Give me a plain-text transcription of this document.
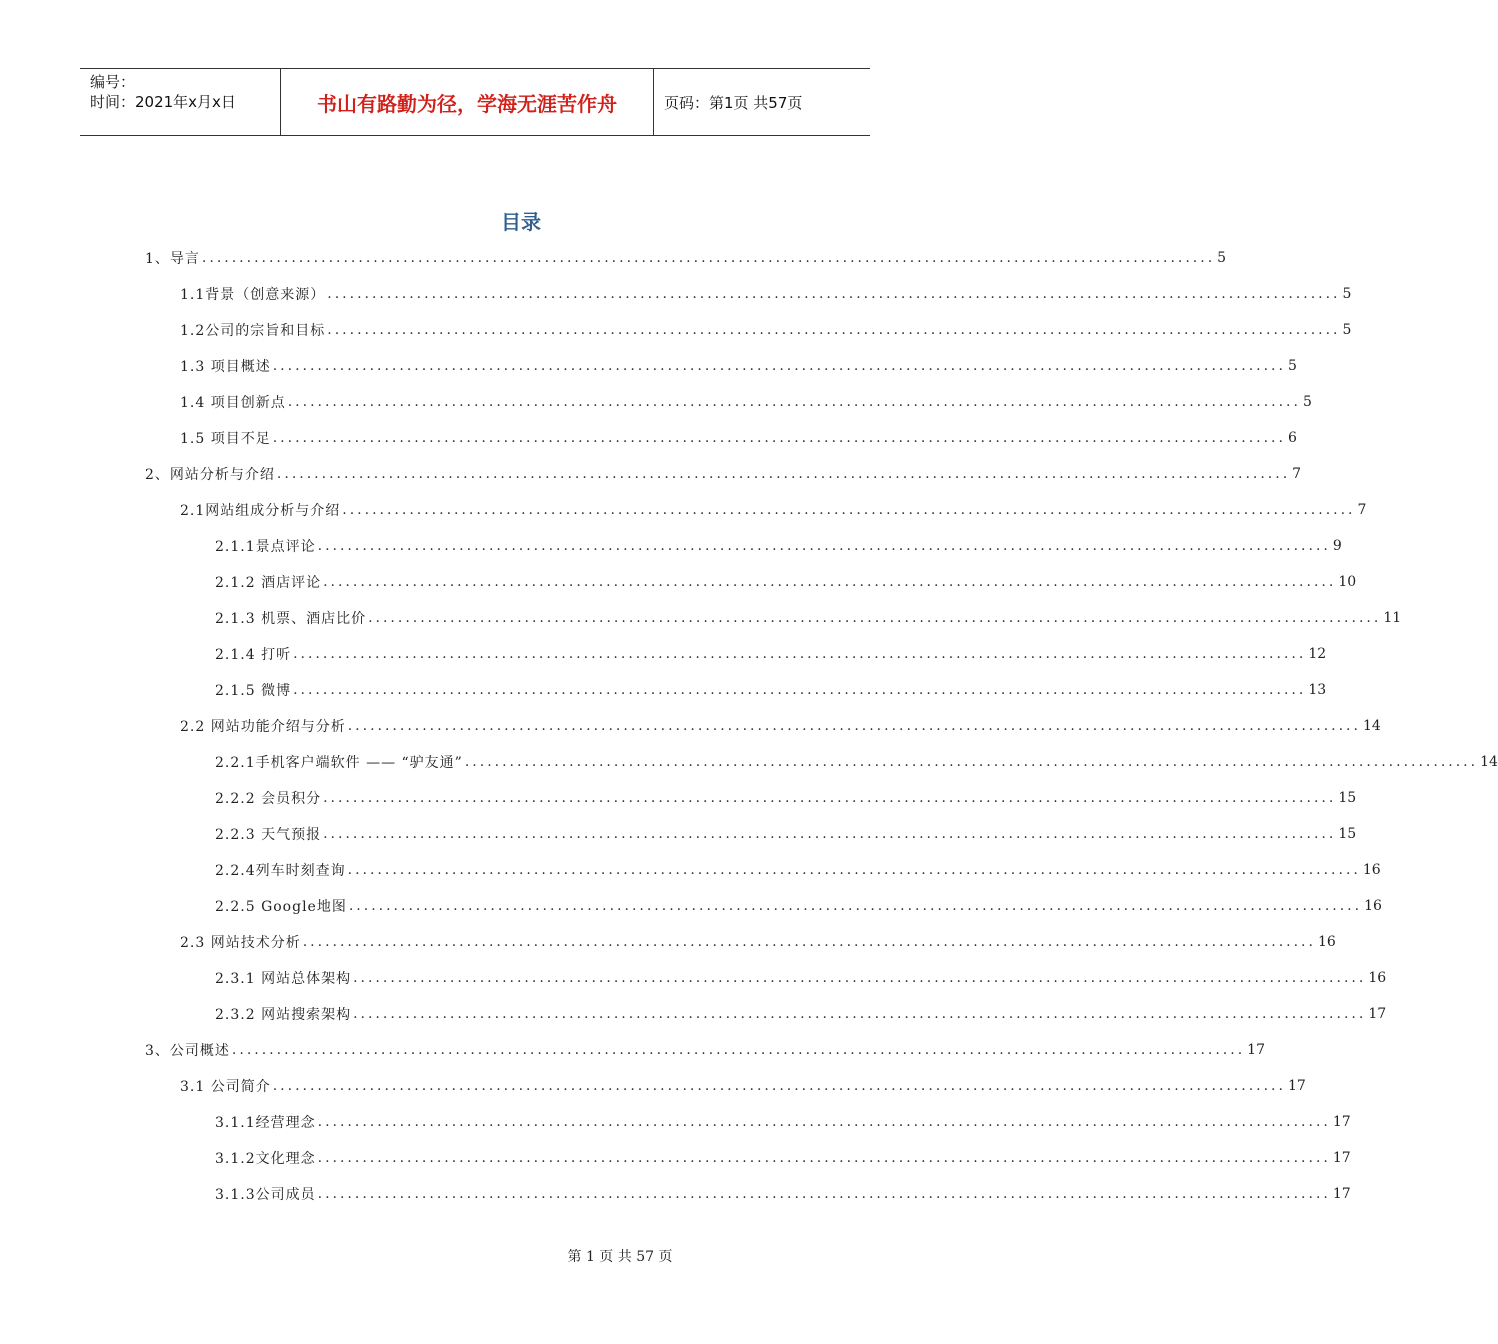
编号：
时间：2021年x月x日	书山有路勤为径，学海无涯苦作舟	页码：第1页 共57页
目录
1、导言 ........................................................................................................................................ 5
1.1背景（创意来源） ........................................................................................................................................ 5
1.2公司的宗旨和目标 ........................................................................................................................................ 5
1.3 项目概述 ........................................................................................................................................ 5
1.4 项目创新点 ........................................................................................................................................ 5
1.5 项目不足 ........................................................................................................................................ 6
2、网站分析与介绍 ........................................................................................................................................ 7
2.1网站组成分析与介绍 ........................................................................................................................................ 7
2.1.1景点评论 ........................................................................................................................................ 9
2.1.2 酒店评论 ........................................................................................................................................ 10
2.1.3 机票、酒店比价 ........................................................................................................................................ 11
2.1.4 打听 ........................................................................................................................................ 12
2.1.5 微博 ........................................................................................................................................ 13
2.2 网站功能介绍与分析 ........................................................................................................................................ 14
2.2.1手机客户端软件 —— “驴友通” ........................................................................................................................................ 14
2.2.2 会员积分 ........................................................................................................................................ 15
2.2.3 天气预报 ........................................................................................................................................ 15
2.2.4列车时刻查询 ........................................................................................................................................ 16
2.2.5 Google地图 ........................................................................................................................................ 16
2.3 网站技术分析 ........................................................................................................................................ 16
2.3.1 网站总体架构 ........................................................................................................................................ 16
2.3.2 网站搜索架构 ........................................................................................................................................ 17
3、公司概述 ........................................................................................................................................ 17
3.1 公司简介 ........................................................................................................................................ 17
3.1.1经营理念 ........................................................................................................................................ 17
3.1.2文化理念 ........................................................................................................................................ 17
3.1.3公司成员 ........................................................................................................................................ 17
第 1 页 共 57 页
